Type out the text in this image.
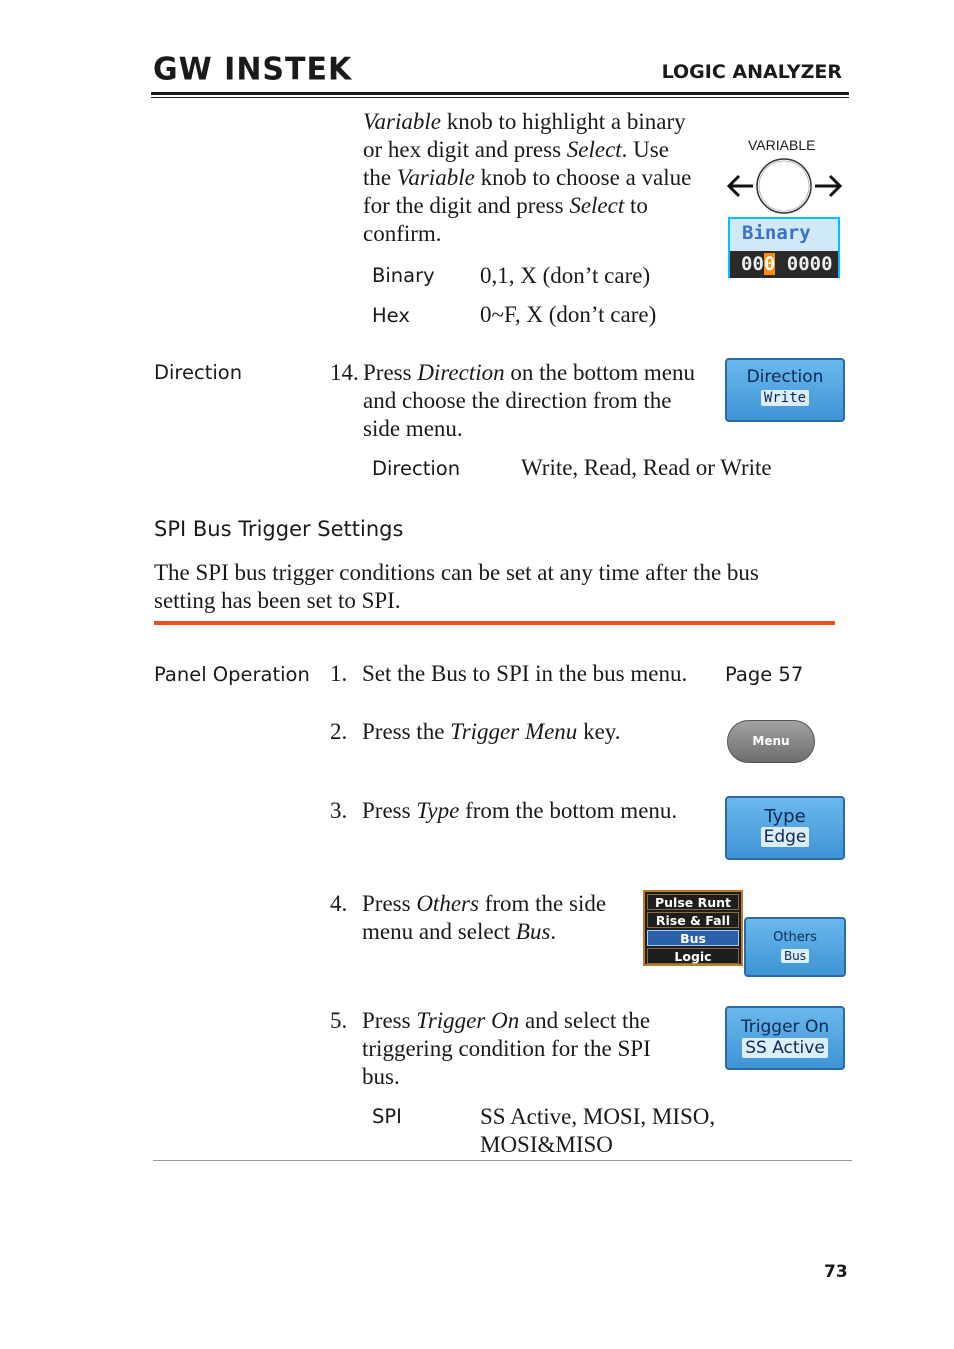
GW INSTEK	LOGIC ANALYZER
Variable knob to highlight a binary
or hex digit and press Select. Use
the Variable knob to choose a value
for the digit and press Select to
confirm.
VARIABLE
Binary
000 0000
Binary 0,1, X (don’t care)
Hex	0~F, X (don’t care)
Direction	14. Press Direction on the bottom menu
and choose the direction from the
side menu.
Direction
Write
Direction	Write, Read, Read or Write
SPI Bus Trigger Settings
The SPI bus trigger conditions can be set at any time after the bus
setting has been set to SPI.
Panel Operation 1. Set the Bus to SPI in the bus menu. Page 57
2. Press the Trigger Menu key.	Menu
3. Press Type from the bottom menu.	Type
Edge
4. Press Others from the side
menu and select Bus.
Pulse Runt
Rise & Fall
Bus
Logic
Others
Bus
5. Press Trigger On and select the
triggering condition for the SPI
bus.
Trigger On
SS Active
SPI	SS Active, MOSI, MISO,
MOSI&MISO
73
